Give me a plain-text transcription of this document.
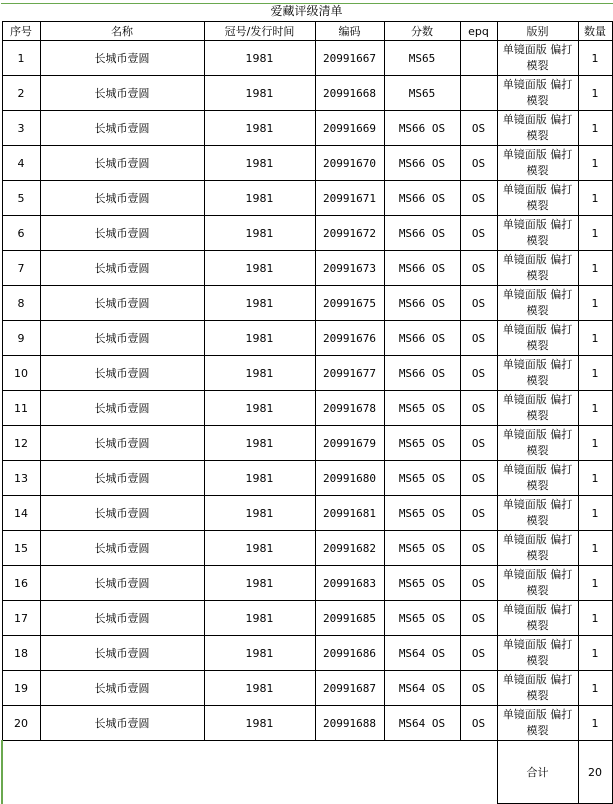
爱藏评级清单
序号	名称	冠号/发行时间	编码	分数	epq	版别	数量
1	长城币壹圆	1981	20991667	MS65		单镜面版 偏打模裂	1
2	长城币壹圆	1981	20991668	MS65		单镜面版 偏打模裂	1
3	长城币壹圆	1981	20991669	MS66 OS	OS	单镜面版 偏打模裂	1
4	长城币壹圆	1981	20991670	MS66 OS	OS	单镜面版 偏打模裂	1
5	长城币壹圆	1981	20991671	MS66 OS	OS	单镜面版 偏打模裂	1
6	长城币壹圆	1981	20991672	MS66 OS	OS	单镜面版 偏打模裂	1
7	长城币壹圆	1981	20991673	MS66 OS	OS	单镜面版 偏打模裂	1
8	长城币壹圆	1981	20991675	MS66 OS	OS	单镜面版 偏打模裂	1
9	长城币壹圆	1981	20991676	MS66 OS	OS	单镜面版 偏打模裂	1
10	长城币壹圆	1981	20991677	MS66 OS	OS	单镜面版 偏打模裂	1
11	长城币壹圆	1981	20991678	MS65 OS	OS	单镜面版 偏打模裂	1
12	长城币壹圆	1981	20991679	MS65 OS	OS	单镜面版 偏打模裂	1
13	长城币壹圆	1981	20991680	MS65 OS	OS	单镜面版 偏打模裂	1
14	长城币壹圆	1981	20991681	MS65 OS	OS	单镜面版 偏打模裂	1
15	长城币壹圆	1981	20991682	MS65 OS	OS	单镜面版 偏打模裂	1
16	长城币壹圆	1981	20991683	MS65 OS	OS	单镜面版 偏打模裂	1
17	长城币壹圆	1981	20991685	MS65 OS	OS	单镜面版 偏打模裂	1
18	长城币壹圆	1981	20991686	MS64 OS	OS	单镜面版 偏打模裂	1
19	长城币壹圆	1981	20991687	MS64 OS	OS	单镜面版 偏打模裂	1
20	长城币壹圆	1981	20991688	MS64 OS	OS	单镜面版 偏打模裂	1
						合计	20
